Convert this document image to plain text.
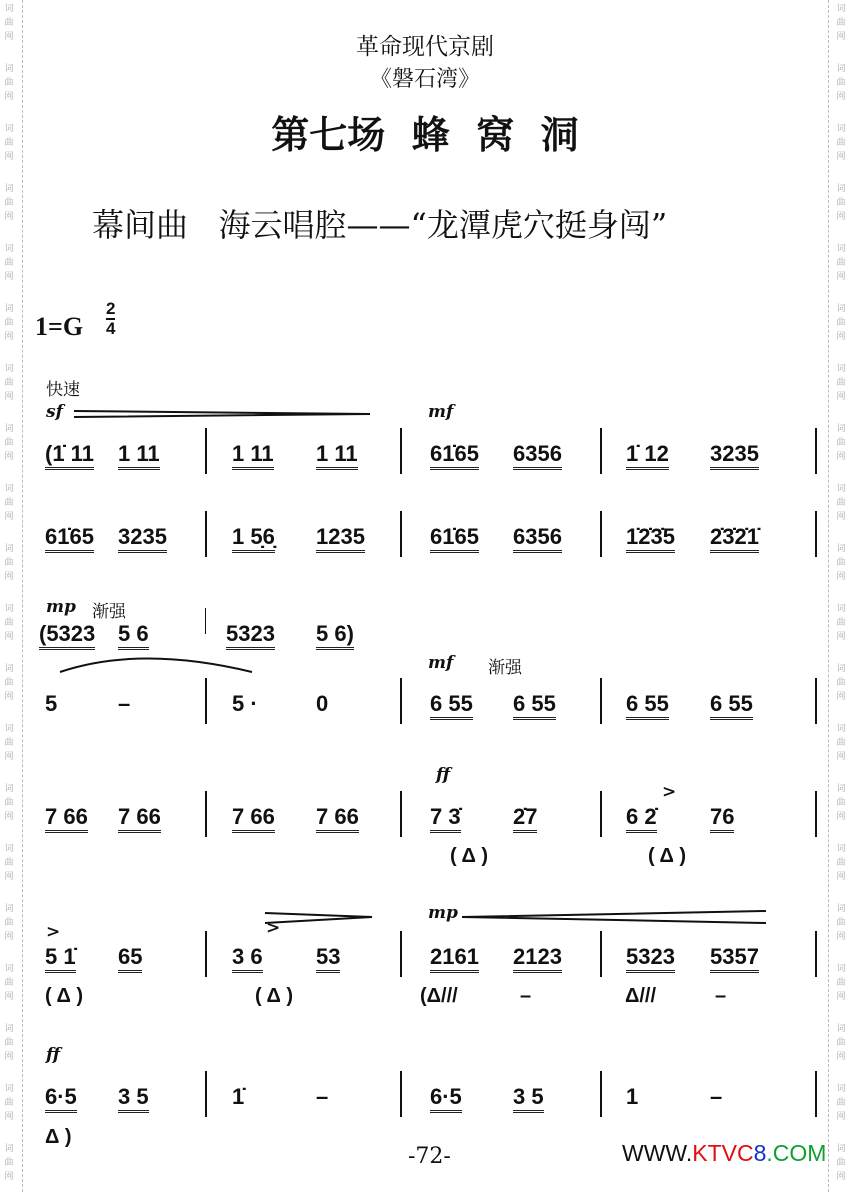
词曲网
词曲网
词曲网
词曲网
词曲网
词曲网
词曲网
词曲网
词曲网
词曲网
词曲网
词曲网
词曲网
词曲网
词曲网
词曲网
词曲网
词曲网
词曲网
词曲网
词曲网
词曲网
词曲网
词曲网
词曲网
词曲网
词曲网
词曲网
词曲网
词曲网
词曲网
词曲网
词曲网
词曲网
词曲网
词曲网
词曲网
词曲网
词曲网
词曲网
革命现代京剧
《磐石湾》
第七场  蜂  窝  洞
幕间曲   海云唱腔——“龙潭虎穴挺身闯”
1=G
2
4
(1̇ 11 1 11	1 11 1 11	61̇65 6356	1̇ 12 3235
快速
sf	mf
61̇65 3235	1 5̣6̣ 1235	61̇65 6356	1̇2̇3̇5 2̇3̇2̇1̇
(5323 5 6	5323 5 6)
mp 渐强
5	–	5 ·	0	6 55 6 55	6 55 6 55
mf 渐强
7 66 7 66	7 66 7 66	7 3̇ 2̇7	6 2̇ 76
ff
>
( Δ )	( Δ )
5 1̇ 65	3 6 53	2161 2123	5323 5357
mp
>	>
( Δ )	( Δ )	(Δ///	–	Δ///	–
6·5 3 5	1̇	–	6·5 3 5	1	–
ff
Δ )
-72-	WWW.KTVC8.COM
